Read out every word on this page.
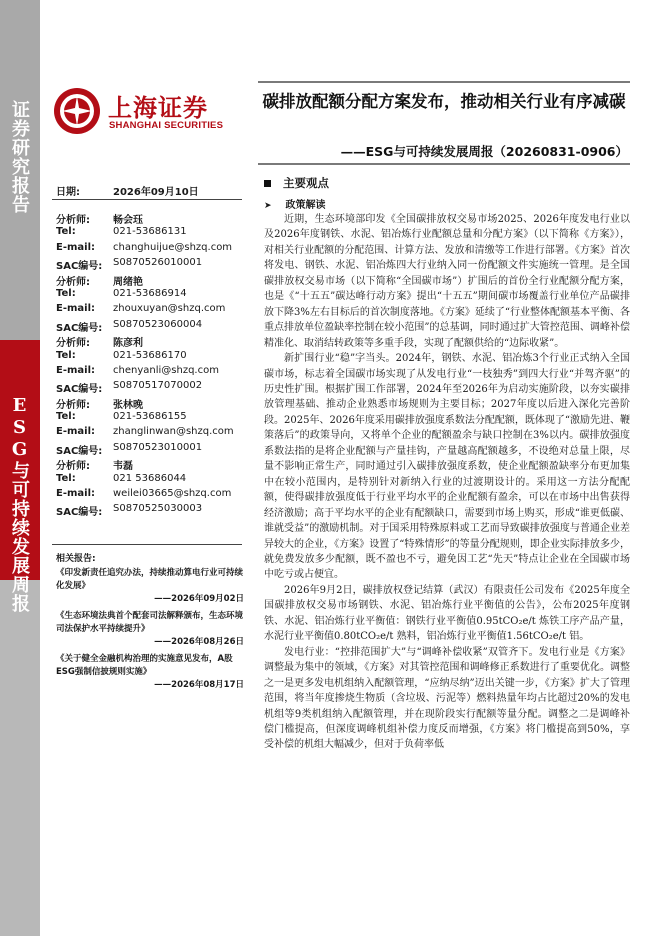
证券研究报告
ESG与可持续发展周报
上海证券
SHANGHAI SECURITIES
碳排放配额分配方案发布，推动相关行业有序减碳
——ESG与可持续发展周报（20260831-0906）
日期:	2026年09月10日
分析师: 畅会珏
Tel:	021-53686131
E-mail: changhuijue@shzq.com
SAC编号: S0870526010001
分析师: 周绪艳
Tel:	021-53686914
E-mail: zhouxuyan@shzq.com
SAC编号: S0870523060004
分析师: 陈彦利
Tel:	021-53686170
E-mail: chenyanli@shzq.com
SAC编号: S0870517070002
分析师: 张林晚
Tel:	021-53686155
E-mail: zhanglinwan@shzq.com
SAC编号: S0870523010001
分析师: 韦磊
Tel:	021 53686044
E-mail: weilei03665@shzq.com
SAC编号: S0870525030003
相关报告:
《印发新责任追究办法，持续推动算电行业可持续化发展》
——2026年09月02日
《生态环境法典首个配套司法解释颁布，生态环境司法保护水平持续提升》
——2026年08月26日
《关于健全金融机构治理的实施意见发布，A股ESG强制信披规则实施》
——2026年08月17日
主要观点
➤ 政策解读

近期，生态环境部印发《全国碳排放权交易市场2025、2026年度发电行业以及2026年度钢铁、水泥、铝冶炼行业配额总量和分配方案》（以下简称《方案》），对相关行业配额的分配范围、计算方法、发放和清缴等工作进行部署。《方案》首次将发电、钢铁、水泥、铝冶炼四大行业纳入同一份配额文件实施统一管理。是全国碳排放权交易市场（以下简称“全国碳市场”）扩围后的首份全行业配额分配方案，也是《“十五五”碳达峰行动方案》提出“十五五”期间碳市场覆盖行业单位产品碳排放下降3%左右目标后的首次制度落地。《方案》延续了“行业整体配额基本平衡、各重点排放单位盈缺率控制在较小范围”的总基调，同时通过扩大管控范围、调峰补偿精准化、取消结转政策等多重手段，实现了配额供给的“边际收紧”。

新扩围行业“稳”字当头。2024年，钢铁、水泥、铝冶炼3个行业正式纳入全国碳市场，标志着全国碳市场实现了从发电行业“一枝独秀”到四大行业“并驾齐驱”的历史性扩围。根据扩围工作部署，2024年至2026年为启动实施阶段，以夯实碳排放管理基础、推动企业熟悉市场规则为主要目标；2027年度以后进入深化完善阶段。2025年、2026年度采用碳排放强度系数法分配配额，既体现了“激励先进、鞭策落后”的政策导向，又将单个企业的配额盈余与缺口控制在3%以内。碳排放强度系数法指的是将企业配额与产量挂钩，产量越高配额越多，不设绝对总量上限，尽量不影响正常生产，同时通过引入碳排放强度系数，使企业配额盈缺率分布更加集中在较小范围内，是特别针对新纳入行业的过渡期设计的。采用这一方法分配配额，使得碳排放强度低于行业平均水平的企业配额有盈余，可以在市场中出售获得经济激励；高于平均水平的企业有配额缺口，需要到市场上购买，形成“谁更低碳、谁就受益”的激励机制。对于国采用特殊原料或工艺而导致碳排放强度与普通企业差异较大的企业，《方案》设置了“特殊情形”的等量分配规则，即企业实际排放多少，就免费发放多少配额，既不盈也不亏，避免因工艺“先天”特点让企业在全国碳市场中吃亏或占便宜。

2026年9月2日，碳排放权登记结算（武汉）有限责任公司发布《2025年度全国碳排放权交易市场钢铁、水泥、铝冶炼行业平衡值的公告》，公布2025年度钢铁、水泥、铝冶炼行业平衡值：钢铁行业平衡值0.95tCO₂e/t 炼铁工序产品产量，水泥行业平衡值0.80tCO₂e/t 熟料，铝冶炼行业平衡值1.56tCO₂e/t 铝。

发电行业：“控排范围扩大”与“调峰补偿收紧”双管齐下。发电行业是《方案》调整最为集中的领域，《方案》对其管控范围和调峰修正系数进行了重要优化。调整之一是更多发电机组纳入配额管理，“应纳尽纳”迈出关键一步，《方案》扩大了管理范围，将当年度掺烧生物质（含垃圾、污泥等）燃料热量年均占比超过20%的发电机组等9类机组纳入配额管理，并在现阶段实行配额等量分配。调整之二是调峰补偿门槛提高，但深度调峰机组补偿力度反而增强，《方案》将门槛提高到50%，享受补偿的机组大幅减少，但对于负荷率低
